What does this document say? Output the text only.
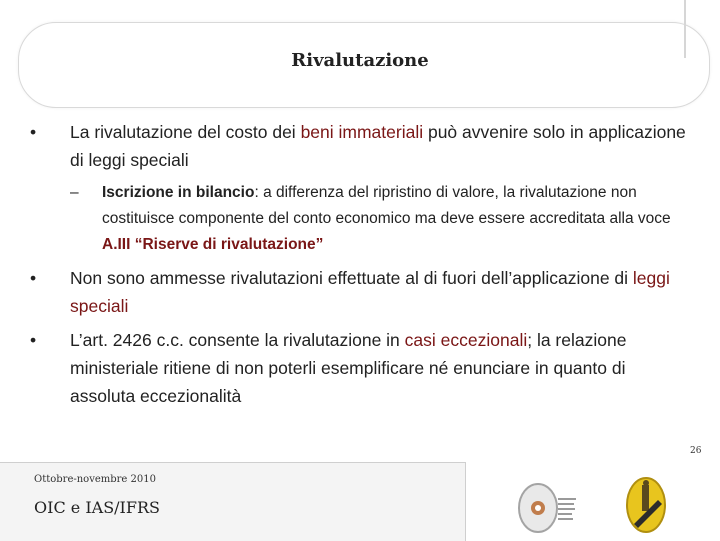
Rivalutazione
• La rivalutazione del costo dei beni immateriali può avvenire solo in applicazione di leggi speciali
– Iscrizione in bilancio: a differenza del ripristino di valore, la rivalutazione non costituisce componente del conto economico ma deve essere accreditata alla voce A.III “Riserve di rivalutazione”
• Non sono ammesse rivalutazioni effettuate al di fuori dell’applicazione di leggi speciali
• L’art. 2426 c.c. consente la rivalutazione in casi eccezionali; la relazione ministeriale ritiene di non poterli esemplificare né enunciare in quanto di assoluta eccezionalità
26
Ottobre-novembre 2010
OIC e IAS/IFRS
